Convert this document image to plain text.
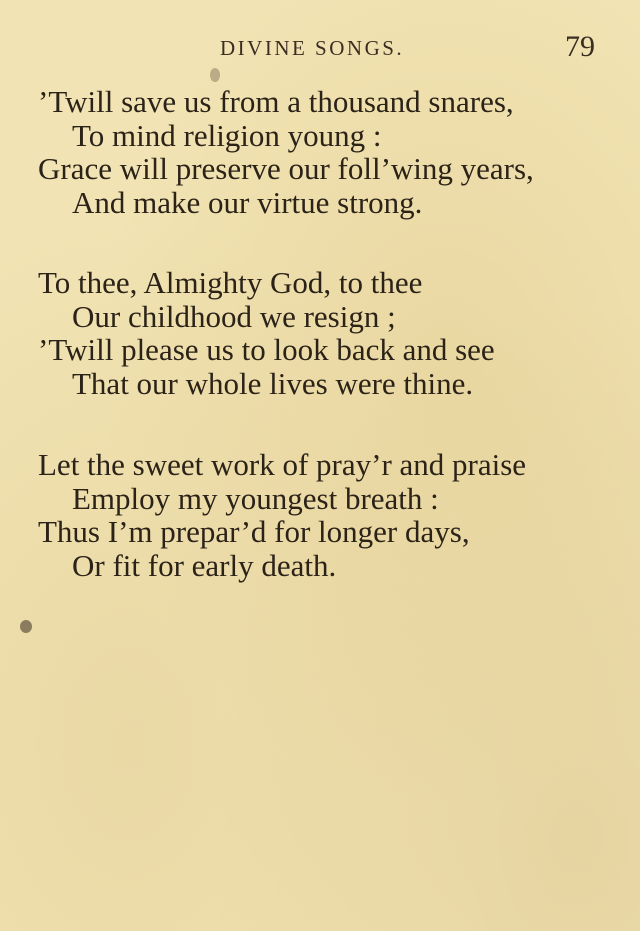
DIVINE SONGS.	79
’Twill save us from a thousand snares,
To mind religion young :
Grace will preserve our foll’wing years,
And make our virtue strong.
To thee, Almighty God, to thee
Our childhood we resign ;
’Twill please us to look back and see
That our whole lives were thine.
Let the sweet work of pray’r and praise
Employ my youngest breath :
Thus I’m prepar’d for longer days,
Or fit for early death.
